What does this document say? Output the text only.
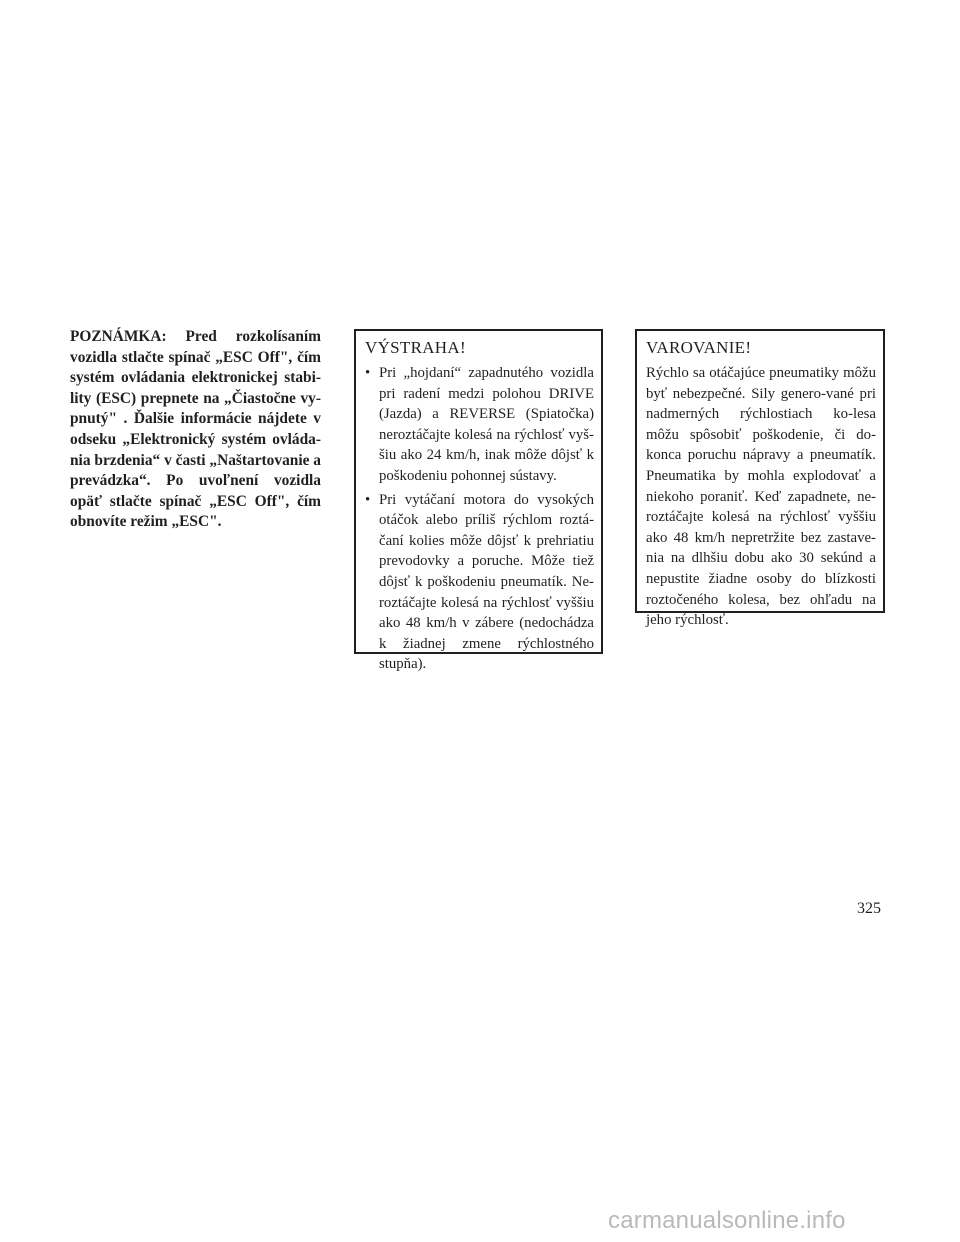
POZNÁMKA: Pred rozkolísaním vozidla stlačte spínač „ESC Off", čím systém ovládania elektronickej stabi-lity (ESC) prepnete na „Čiastočne vy-pnutý" . Ďalšie informácie nájdete v odseku „Elektronický systém ovláda-nia brzdenia“ v časti „Naštartovanie a prevádzka“. Po uvoľnení vozidla opäť stlačte spínač „ESC Off", čím obnovíte režim „ESC".
VÝSTRAHA!
• Pri „hojdaní“ zapadnutého vozidla pri radení medzi polohou DRIVE (Jazda) a REVERSE (Spiatočka) neroztáčajte kolesá na rýchlosť vyš-šiu ako 24 km/h, inak môže dôjsť k poškodeniu pohonnej sústavy.
• Pri vytáčaní motora do vysokých otáčok alebo príliš rýchlom roztá-čaní kolies môže dôjsť k prehriatiu prevodovky a poruche. Môže tiež dôjsť k poškodeniu pneumatík. Ne-roztáčajte kolesá na rýchlosť vyššiu ako 48 km/h v zábere (nedochádza k žiadnej zmene rýchlostného stupňa).
VAROVANIE!
Rýchlo sa otáčajúce pneumatiky môžu byť nebezpečné. Sily genero-vané pri nadmerných rýchlostiach ko-lesa môžu spôsobiť poškodenie, či do-konca poruchu nápravy a pneumatík. Pneumatika by mohla explodovať a niekoho poraniť. Keď zapadnete, ne-roztáčajte kolesá na rýchlosť vyššiu ako 48 km/h nepretržite bez zastave-nia na dlhšiu dobu ako 30 sekúnd a nepustite žiadne osoby do blízkosti roztočeného kolesa, bez ohľadu na jeho rýchlosť.
325
carmanualsonline.info
